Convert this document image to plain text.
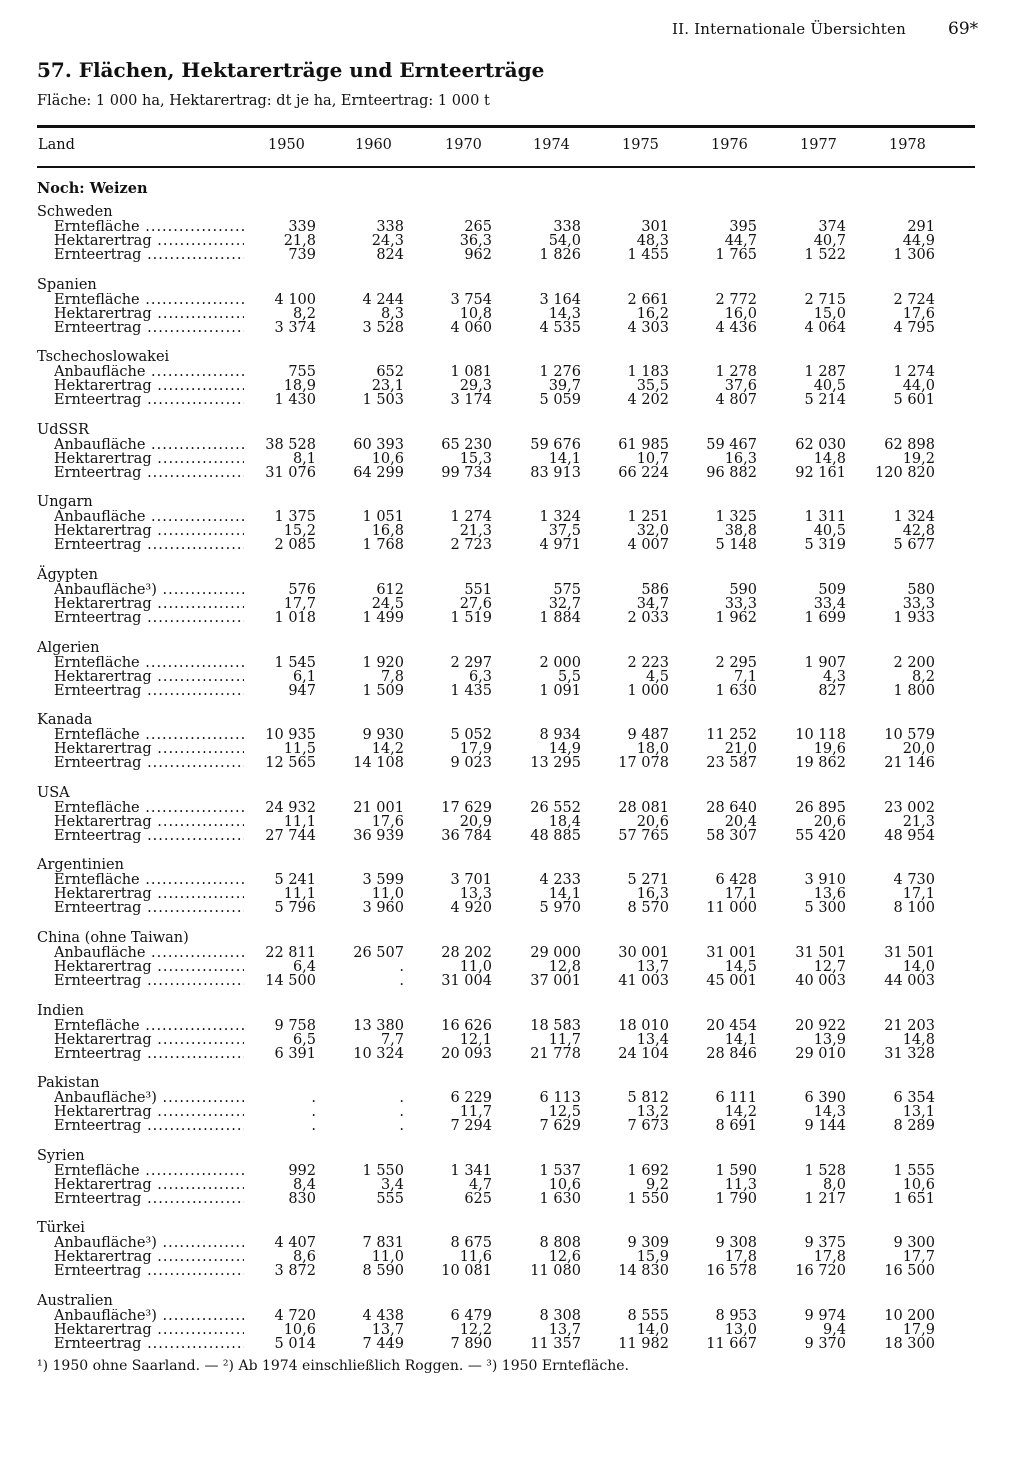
II. Internationale Übersichten 69*
57. Flächen, Hektarerträge und Ernteerträge
Fläche: 1 000 ha, Hektarertrag: dt je ha, Ernteertrag: 1 000 t
Land	1950	1960	1970	1974	1975	1976	1977	1978
Noch: Weizen
Schweden
Erntefläche .....	339	338	265	338	301	395	374	291
Hektarertrag .....	21,8	24,3	36,3	54,0	48,3	44,7	40,7	44,9
Ernteertrag .....	739	824	962	1 826	1 455	1 765	1 522	1 306
Spanien
Erntefläche .....	4 100	4 244	3 754	3 164	2 661	2 772	2 715	2 724
Hektarertrag .....	8,2	8,3	10,8	14,3	16,2	16,0	15,0	17,6
Ernteertrag .....	3 374	3 528	4 060	4 535	4 303	4 436	4 064	4 795
Tschechoslowakei
Anbaufläche .....	755	652	1 081	1 276	1 183	1 278	1 287	1 274
Hektarertrag .....	18,9	23,1	29,3	39,7	35,5	37,6	40,5	44,0
Ernteertrag .....	1 430	1 503	3 174	5 059	4 202	4 807	5 214	5 601
UdSSR
Anbaufläche .....	38 528	60 393	65 230	59 676	61 985	59 467	62 030	62 898
Hektarertrag .....	8,1	10,6	15,3	14,1	10,7	16,3	14,8	19,2
Ernteertrag .....	31 076	64 299	99 734	83 913	66 224	96 882	92 161	120 820
Ungarn
Anbaufläche .....	1 375	1 051	1 274	1 324	1 251	1 325	1 311	1 324
Hektarertrag .....	15,2	16,8	21,3	37,5	32,0	38,8	40,5	42,8
Ernteertrag .....	2 085	1 768	2 723	4 971	4 007	5 148	5 319	5 677
Ägypten
Anbaufläche³) .....	576	612	551	575	586	590	509	580
Hektarertrag .....	17,7	24,5	27,6	32,7	34,7	33,3	33,4	33,3
Ernteertrag .....	1 018	1 499	1 519	1 884	2 033	1 962	1 699	1 933
Algerien
Erntefläche .....	1 545	1 920	2 297	2 000	2 223	2 295	1 907	2 200
Hektarertrag .....	6,1	7,8	6,3	5,5	4,5	7,1	4,3	8,2
Ernteertrag .....	947	1 509	1 435	1 091	1 000	1 630	827	1 800
Kanada
Erntefläche .....	10 935	9 930	5 052	8 934	9 487	11 252	10 118	10 579
Hektarertrag .....	11,5	14,2	17,9	14,9	18,0	21,0	19,6	20,0
Ernteertrag .....	12 565	14 108	9 023	13 295	17 078	23 587	19 862	21 146
USA
Erntefläche .....	24 932	21 001	17 629	26 552	28 081	28 640	26 895	23 002
Hektarertrag .....	11,1	17,6	20,9	18,4	20,6	20,4	20,6	21,3
Ernteertrag .....	27 744	36 939	36 784	48 885	57 765	58 307	55 420	48 954
Argentinien
Erntefläche .....	5 241	3 599	3 701	4 233	5 271	6 428	3 910	4 730
Hektarertrag .....	11,1	11,0	13,3	14,1	16,3	17,1	13,6	17,1
Ernteertrag .....	5 796	3 960	4 920	5 970	8 570	11 000	5 300	8 100
China (ohne Taiwan)
Anbaufläche .....	22 811	26 507	28 202	29 000	30 001	31 001	31 501	31 501
Hektarertrag .....	6,4	.	11,0	12,8	13,7	14,5	12,7	14,0
Ernteertrag .....	14 500	.	31 004	37 001	41 003	45 001	40 003	44 003
Indien
Erntefläche .....	9 758	13 380	16 626	18 583	18 010	20 454	20 922	21 203
Hektarertrag .....	6,5	7,7	12,1	11,7	13,4	14,1	13,9	14,8
Ernteertrag .....	6 391	10 324	20 093	21 778	24 104	28 846	29 010	31 328
Pakistan
Anbaufläche³) .....	.	.	6 229	6 113	5 812	6 111	6 390	6 354
Hektarertrag .....	.	.	11,7	12,5	13,2	14,2	14,3	13,1
Ernteertrag .....	.	.	7 294	7 629	7 673	8 691	9 144	8 289
Syrien
Erntefläche .....	992	1 550	1 341	1 537	1 692	1 590	1 528	1 555
Hektarertrag .....	8,4	3,4	4,7	10,6	9,2	11,3	8,0	10,6
Ernteertrag .....	830	555	625	1 630	1 550	1 790	1 217	1 651
Türkei
Anbaufläche³) .....	4 407	7 831	8 675	8 808	9 309	9 308	9 375	9 300
Hektarertrag .....	8,6	11,0	11,6	12,6	15,9	17,8	17,8	17,7
Ernteertrag .....	3 872	8 590	10 081	11 080	14 830	16 578	16 720	16 500
Australien
Anbaufläche³) .....	4 720	4 438	6 479	8 308	8 555	8 953	9 974	10 200
Hektarertrag .....	10,6	13,7	12,2	13,7	14,0	13,0	9,4	17,9
Ernteertrag .....	5 014	7 449	7 890	11 357	11 982	11 667	9 370	18 300
¹) 1950 ohne Saarland. — ²) Ab 1974 einschließlich Roggen. — ³) 1950 Erntefläche.
